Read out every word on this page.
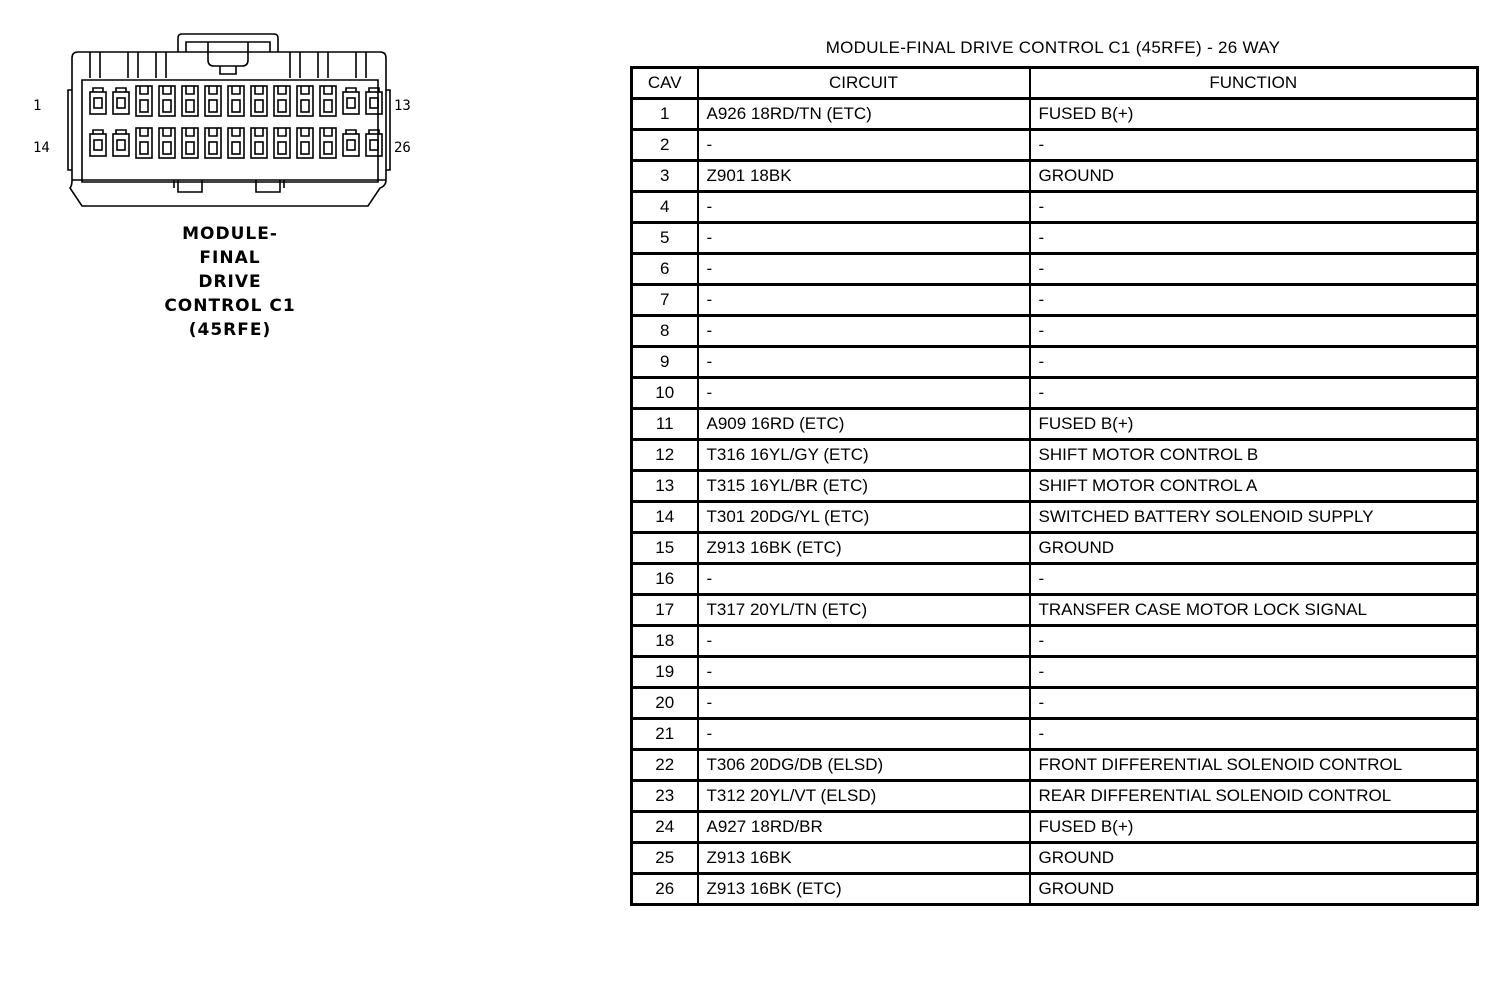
1
14
13
26
MODULE-
FINAL
DRIVE
CONTROL C1
(45RFE)
MODULE-FINAL DRIVE CONTROL C1 (45RFE) - 26 WAY
CAV	CIRCUIT	FUNCTION
1	A926 18RD/TN (ETC)	FUSED B(+)
2	-	-
3	Z901 18BK	GROUND
4	-	-
5	-	-
6	-	-
7	-	-
8	-	-
9	-	-
10	-	-
11	A909 16RD (ETC)	FUSED B(+)
12	T316 16YL/GY (ETC)	SHIFT MOTOR CONTROL B
13	T315 16YL/BR (ETC)	SHIFT MOTOR CONTROL A
14	T301 20DG/YL (ETC)	SWITCHED BATTERY SOLENOID SUPPLY
15	Z913 16BK (ETC)	GROUND
16	-	-
17	T317 20YL/TN (ETC)	TRANSFER CASE MOTOR LOCK SIGNAL
18	-	-
19	-	-
20	-	-
21	-	-
22	T306 20DG/DB (ELSD)	FRONT DIFFERENTIAL SOLENOID CONTROL
23	T312 20YL/VT (ELSD)	REAR DIFFERENTIAL SOLENOID CONTROL
24	A927 18RD/BR	FUSED B(+)
25	Z913 16BK	GROUND
26	Z913 16BK (ETC)	GROUND
